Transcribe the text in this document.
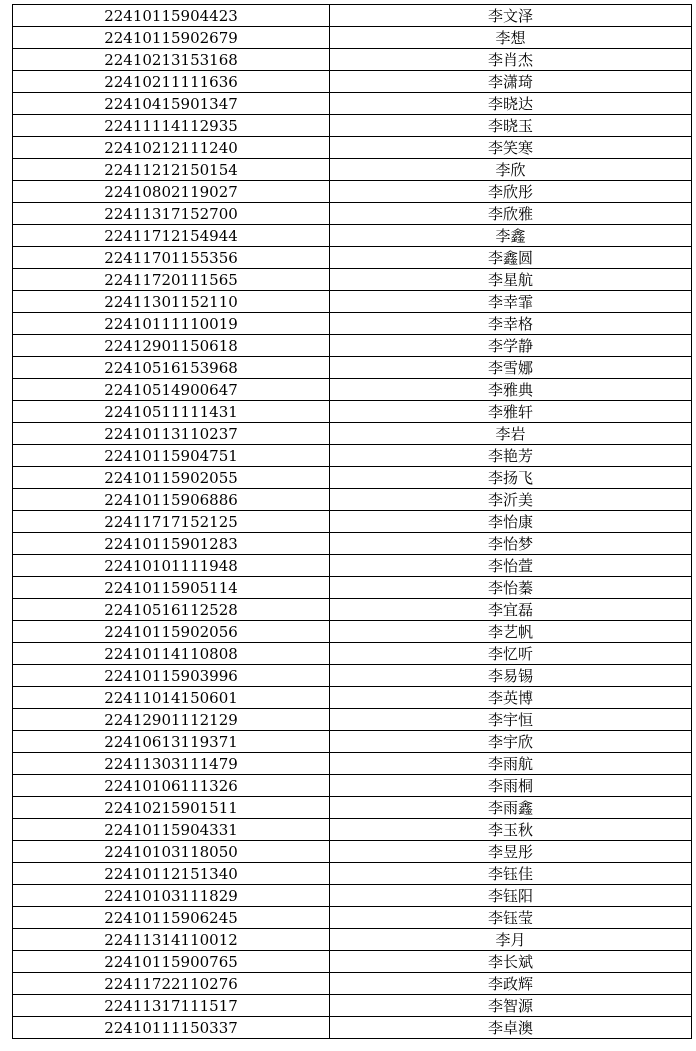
22410115904423	李文泽
22410115902679	李想
22410213153168	李肖杰
22410211111636	李潇琦
22410415901347	李晓达
22411114112935	李晓玉
22410212111240	李笑寒
22411212150154	李欣
22410802119027	李欣彤
22411317152700	李欣雅
22411712154944	李鑫
22411701155356	李鑫圆
22411720111565	李星航
22411301152110	李幸霏
22410111110019	李幸格
22412901150618	李学静
22410516153968	李雪娜
22410514900647	李雅典
22410511111431	李雅轩
22410113110237	李岩
22410115904751	李艳芳
22410115902055	李扬飞
22410115906886	李沂美
22411717152125	李怡康
22410115901283	李怡梦
22410101111948	李怡萱
22410115905114	李怡蓁
22410516112528	李宜磊
22410115902056	李艺帆
22410114110808	李忆听
22410115903996	李易锡
22411014150601	李英博
22412901112129	李宇恒
22410613119371	李宇欣
22411303111479	李雨航
22410106111326	李雨桐
22410215901511	李雨鑫
22410115904331	李玉秋
22410103118050	李昱彤
22410112151340	李钰佳
22410103111829	李钰阳
22410115906245	李钰莹
22411314110012	李月
22410115900765	李长斌
22411722110276	李政辉
22411317111517	李智源
22410111150337	李卓澳
